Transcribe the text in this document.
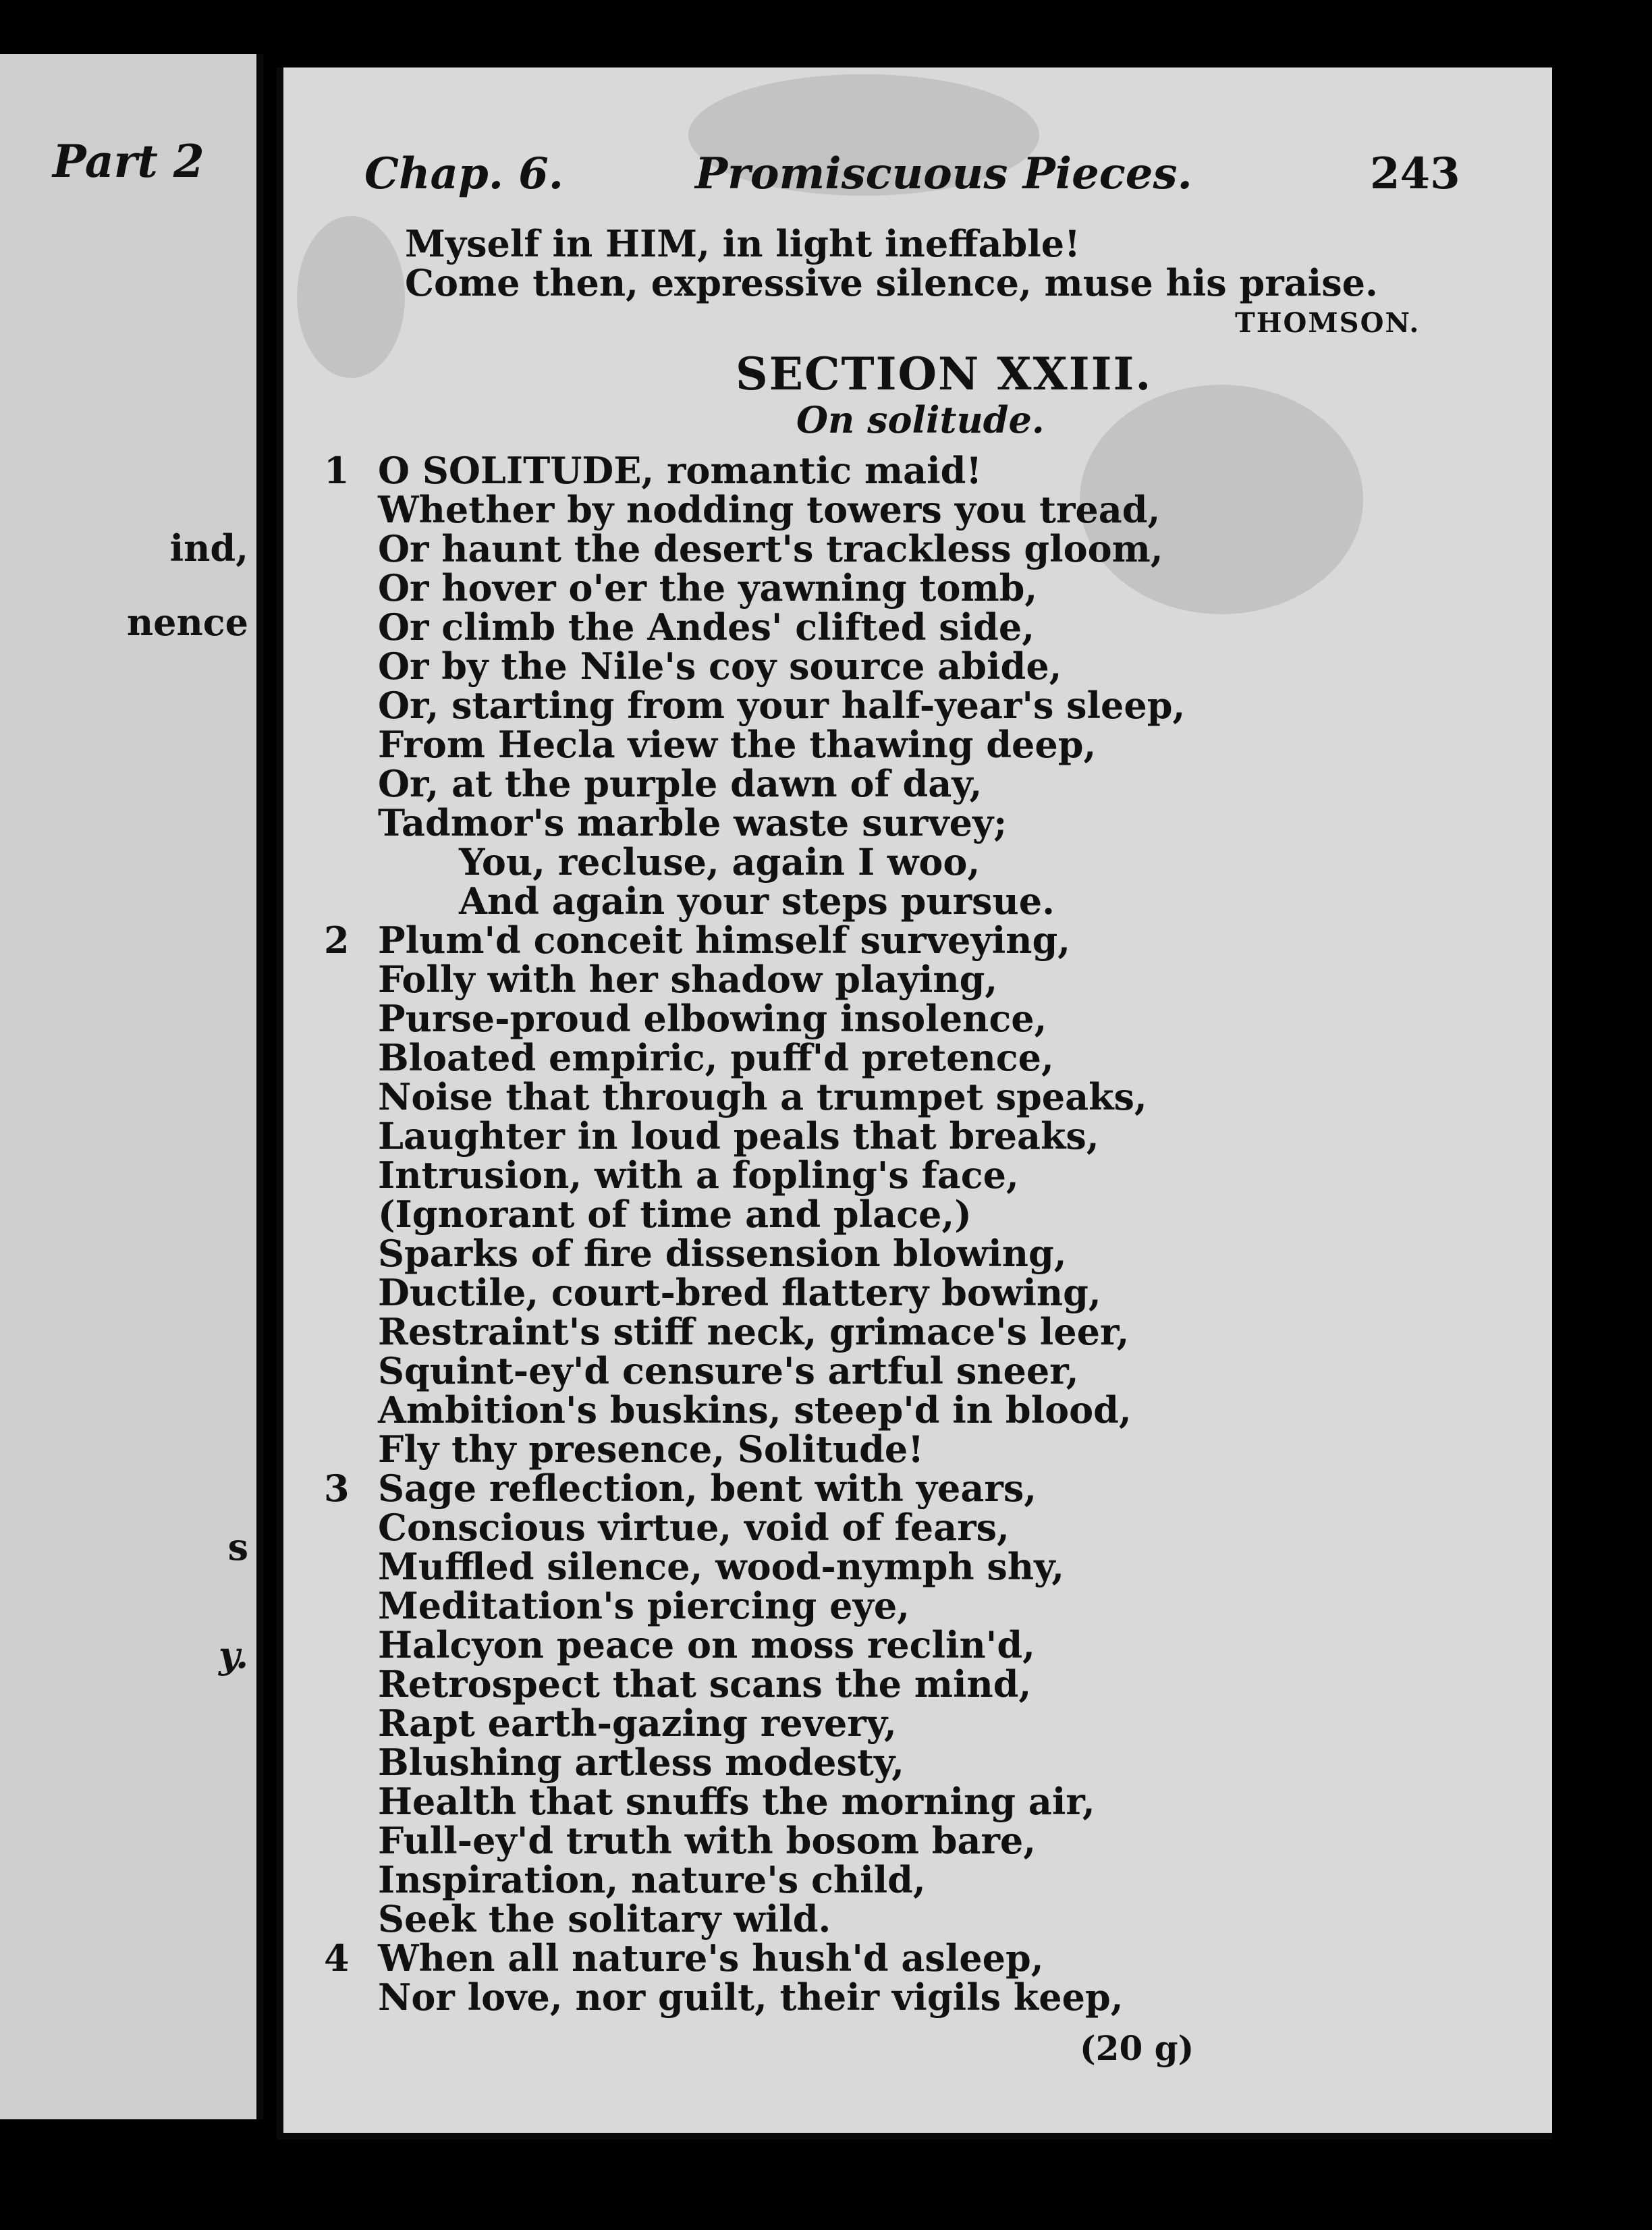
Part 2
ind,
nence
s
y.
Chap. 6.	Promiscuous Pieces.	243
Myself in HIM, in light ineffable!
Come then, expressive silence, muse his praise.
THOMSON.
SECTION XXIII.
On solitude.
1 O SOLITUDE, romantic maid!
Whether by nodding towers you tread,
Or haunt the desert's trackless gloom,
Or hover o'er the yawning tomb,
Or climb the Andes' clifted side,
Or by the Nile's coy source abide,
Or, starting from your half-year's sleep,
From Hecla view the thawing deep,
Or, at the purple dawn of day,
Tadmor's marble waste survey;
You, recluse, again I woo,
And again your steps pursue.
2 Plum'd conceit himself surveying,
Folly with her shadow playing,
Purse-proud elbowing insolence,
Bloated empiric, puff'd pretence,
Noise that through a trumpet speaks,
Laughter in loud peals that breaks,
Intrusion, with a fopling's face,
(Ignorant of time and place,)
Sparks of fire dissension blowing,
Ductile, court-bred flattery bowing,
Restraint's stiff neck, grimace's leer,
Squint-ey'd censure's artful sneer,
Ambition's buskins, steep'd in blood,
Fly thy presence, Solitude!
3 Sage reflection, bent with years,
Conscious virtue, void of fears,
Muffled silence, wood-nymph shy,
Meditation's piercing eye,
Halcyon peace on moss reclin'd,
Retrospect that scans the mind,
Rapt earth-gazing revery,
Blushing artless modesty,
Health that snuffs the morning air,
Full-ey'd truth with bosom bare,
Inspiration, nature's child,
Seek the solitary wild.
4 When all nature's hush'd asleep,
Nor love, nor guilt, their vigils keep,
(20 g)
